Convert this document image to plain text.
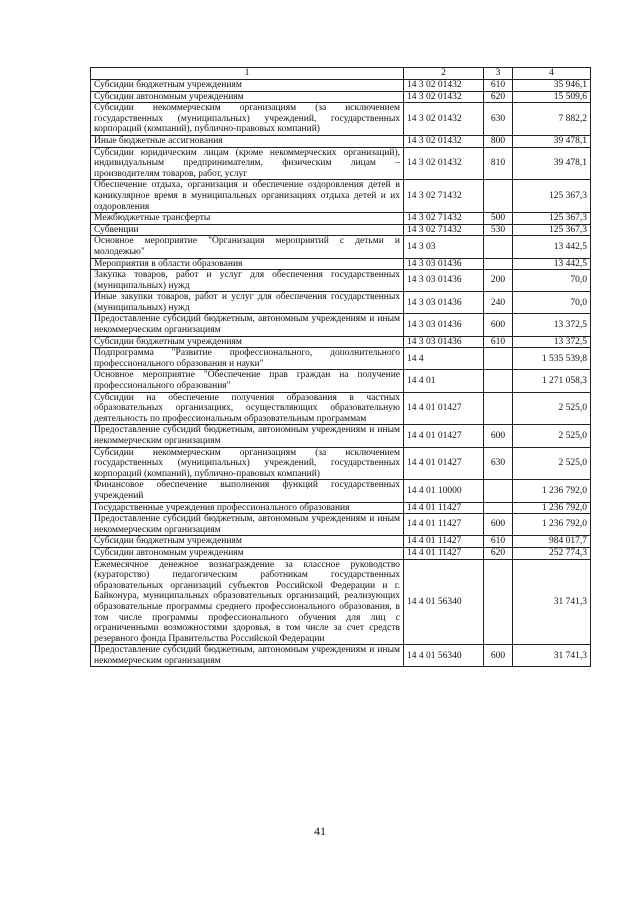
1	2	3	4
Субсидии бюджетным учреждениям	14 3 02 01432	610	35 946,1
Субсидии автономным учреждениям	14 3 02 01432	620	15 509,6
Субсидии некоммерческим организациям (за исключением государственных (муниципальных) учреждений, государственных корпораций (компаний), публично-правовых компаний)	14 3 02 01432	630	7 882,2
Иные бюджетные ассигнования	14 3 02 01432	800	39 478,1
Субсидии юридическим лицам (кроме некоммерческих организаций), индивидуальным предпринимателям, физическим лицам – производителям товаров, работ, услуг	14 3 02 01432	810	39 478,1
Обеспечение отдыха, организация и обеспечение оздоровления детей в каникулярное время в муниципальных организациях отдыха детей и их оздоровления	14 3 02 71432		125 367,3
Межбюджетные трансферты	14 3 02 71432	500	125 367,3
Субвенции	14 3 02 71432	530	125 367,3
Основное мероприятие "Организация мероприятий с детьми и молодежью"	14 3 03		13 442,5
Мероприятия в области образования	14 3 03 01436		13 442,5
Закупка товаров, работ и услуг для обеспечения государственных (муниципальных) нужд	14 3 03 01436	200	70,0
Иные закупки товаров, работ и услуг для обеспечения государственных (муниципальных) нужд	14 3 03 01436	240	70,0
Предоставление субсидий бюджетным, автономным учреждениям и иным некоммерческим организациям	14 3 03 01436	600	13 372,5
Субсидии бюджетным учреждениям	14 3 03 01436	610	13 372,5
Подпрограмма "Развитие профессионального, дополнительного профессионального образования и науки"	14 4		1 535 539,8
Основное мероприятие "Обеспечение прав граждан на получение профессионального образования"	14 4 01		1 271 058,3
Субсидии на обеспечение получения образования в частных образовательных организациях, осуществляющих образовательную деятельность по профессиональным образовательным программам	14 4 01 01427		2 525,0
Предоставление субсидий бюджетным, автономным учреждениям и иным некоммерческим организациям	14 4 01 01427	600	2 525,0
Субсидии некоммерческим организациям (за исключением государственных (муниципальных) учреждений, государственных корпораций (компаний), публично-правовых компаний)	14 4 01 01427	630	2 525,0
Финансовое обеспечение выполнения функций государственных учреждений	14 4 01 10000		1 236 792,0
Государственные учреждения профессионального образования	14 4 01 11427		1 236 792,0
Предоставление субсидий бюджетным, автономным учреждениям и иным некоммерческим организациям	14 4 01 11427	600	1 236 792,0
Субсидии бюджетным учреждениям	14 4 01 11427	610	984 017,7
Субсидии автономным учреждениям	14 4 01 11427	620	252 774,3
Ежемесячное денежное вознаграждение за классное руководство (кураторство) педагогическим работникам государственных образовательных организаций субъектов Российской Федерации и г. Байконура, муниципальных образовательных организаций, реализующих образовательные программы среднего профессионального образования, в том числе программы профессионального обучения для лиц с ограниченными возможностями здоровья, в том числе за счет средств резервного фонда Правительства Российской Федерации	14 4 01 56340		31 741,3
Предоставление субсидий бюджетным, автономным учреждениям и иным некоммерческим организациям	14 4 01 56340	600	31 741,3
41
